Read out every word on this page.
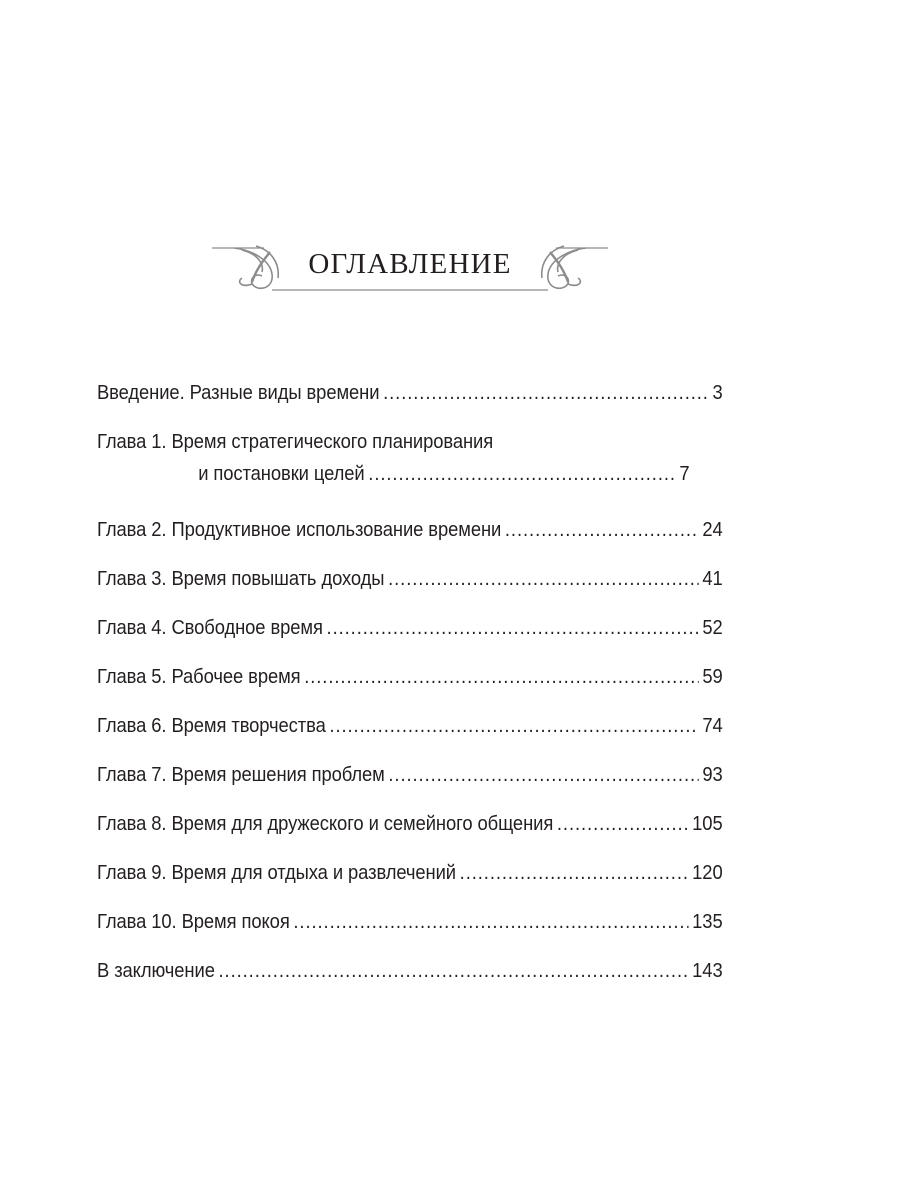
ОГЛАВЛЕНИЕ
Введение. Разные виды времени .....	3
Глава 1. Время стратегического планирования
и постановки целей .....	7
Глава 2. Продуктивное использование времени .....	24
Глава 3. Время повышать доходы .....	41
Глава 4. Свободное время .....	52
Глава 5. Рабочее время .....	59
Глава 6. Время творчества .....	74
Глава 7. Время решения проблем .....	93
Глава 8. Время для дружеского и семейного общения .....	105
Глава 9. Время для отдыха и развлечений .....	120
Глава 10. Время покоя .....	135
В заключение .....	143
